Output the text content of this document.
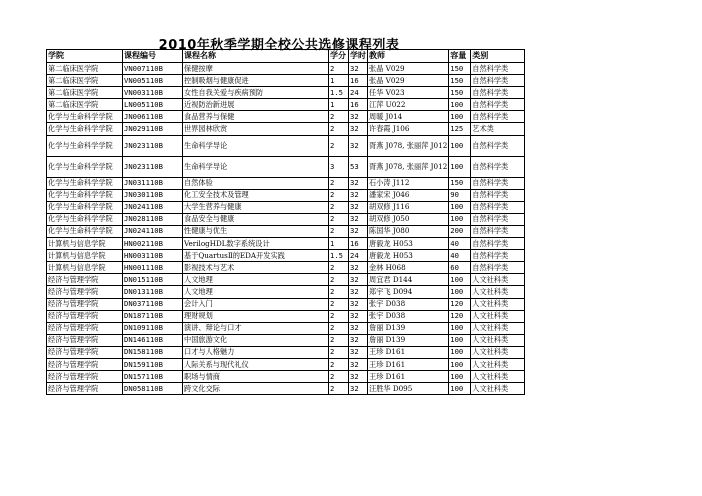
2010年秋季学期全校公共选修课程列表
学院	课程编号	课程名称	学分	学时	教师	容量	类别
第二临床医学院	VN007110B	保健按摩	2	32	张晶 V029	150	自然科学类
第二临床医学院	VN005110B	控制吸烟与健康促进	1	16	张晶 V029	150	自然科学类
第二临床医学院	VN003110B	女性自我关爱与疾病预防	1.5	24	任华 V023	150	自然科学类
第二临床医学院	LN005110B	近视防治新进展	1	16	江萍 U022	100	自然科学类
化学与生命科学学院	JN006110B	食品营养与保健	2	32	周暖 J014	100	自然科学类
化学与生命科学学院	JN029110B	世界园林欣赏	2	32	许春霞 J106	125	艺术类
化学与生命科学学院	JN023110B	生命科学导论	2	32	胥燕 J078, 张丽萍 J012	100	自然科学类
化学与生命科学学院	JN023110B	生命科学导论	3	53	胥燕 J078, 张丽萍 J012	100	自然科学类
化学与生命科学学院	JN031110B	自然体验	2	32	石小涛 J112	150	自然科学类
化学与生命科学学院	JN030110B	化工安全技术及管理	2	32	潘家宋 J046	90	自然科学类
化学与生命科学学院	JN024110B	大学生营养与健康	2	32	胡双修 J116	100	自然科学类
化学与生命科学学院	JN028110B	食品安全与健康	2	32	胡双修 J050	100	自然科学类
化学与生命科学学院	JN024110B	性健康与优生	2	32	陈国华 J080	200	自然科学类
计算机与信息学院	HN002110B	VerilogHDL数字系统设计	1	16	唐毅龙 H053	40	自然科学类
计算机与信息学院	HN003110B	基于QuartusⅡ的EDA开发实践	1.5	24	唐毅龙 H053	40	自然科学类
计算机与信息学院	HN001110B	影视技术与艺术	2	32	金林 H068	60	自然科学类
经济与管理学院	DN015110B	人文地理	2	32	周宜君 D144	100	人文社科类
经济与管理学院	DN013110B	人文地理	2	32	郑宇飞 D094	100	人文社科类
经济与管理学院	DN037110B	会计入门	2	32	张宇 D038	120	人文社科类
经济与管理学院	DN187110B	理财规划	2	32	张宇 D038	120	人文社科类
经济与管理学院	DN109110B	演讲、辩论与口才	2	32	詹丽 D139	100	人文社科类
经济与管理学院	DN146110B	中国旅游文化	2	32	詹丽 D139	100	人文社科类
经济与管理学院	DN158110B	口才与人格魅力	2	32	王珍 D161	100	人文社科类
经济与管理学院	DN159110B	人际关系与现代礼仪	2	32	王珍 D161	100	人文社科类
经济与管理学院	DN157110B	职场与情商	2	32	王珍 D161	100	人文社科类
经济与管理学院	DN058110B	跨文化交际	2	32	汪胜华 D095	100	人文社科类
